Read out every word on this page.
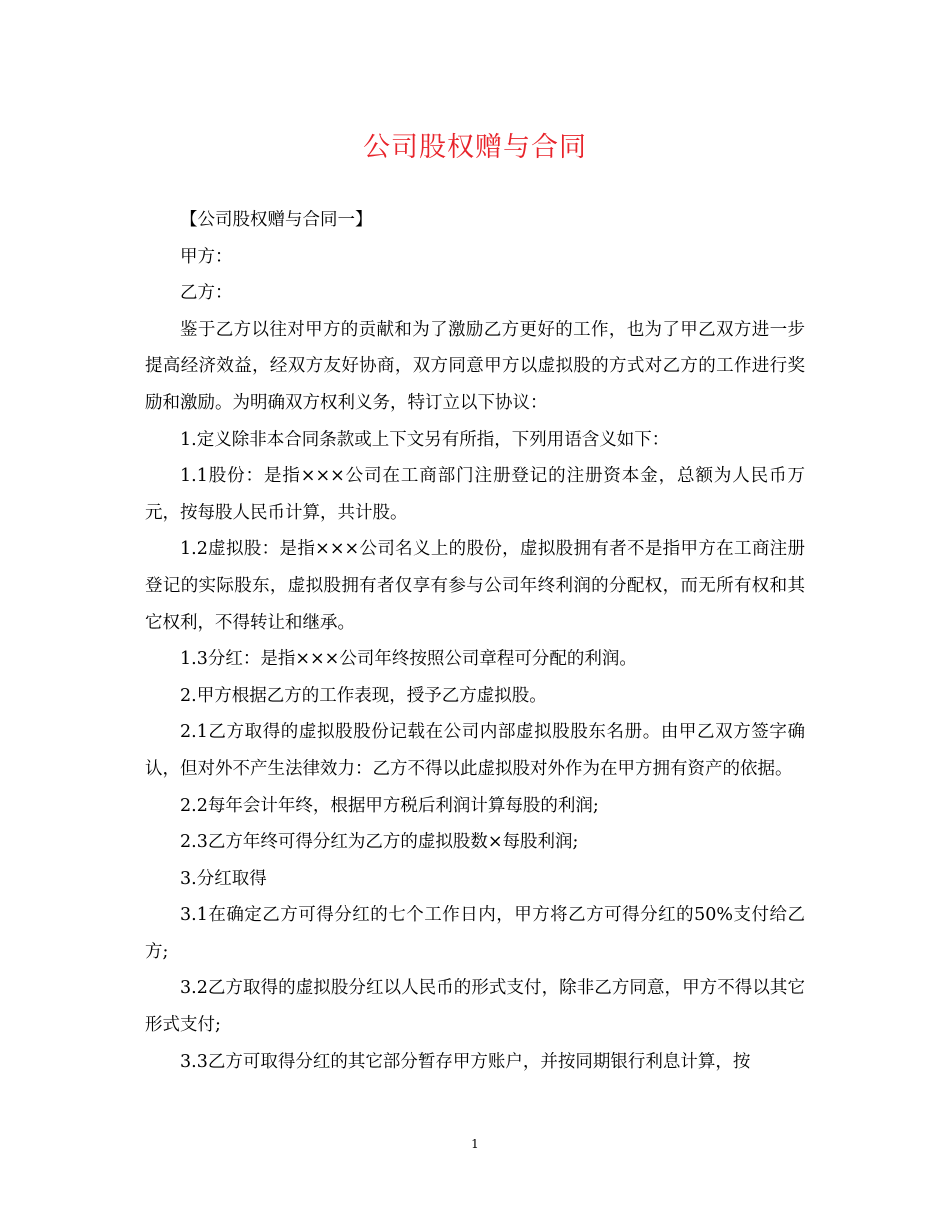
公司股权赠与合同

【公司股权赠与合同一】

甲方：

乙方：

鉴于乙方以往对甲方的贡献和为了激励乙方更好的工作，也为了甲乙双方进一步提高经济效益，经双方友好协商，双方同意甲方以虚拟股的方式对乙方的工作进行奖励和激励。为明确双方权利义务，特订立以下协议：

1.定义除非本合同条款或上下文另有所指，下列用语含义如下：

1.1股份：是指×××公司在工商部门注册登记的注册资本金，总额为人民币万元，按每股人民币计算，共计股。

1.2虚拟股：是指×××公司名义上的股份，虚拟股拥有者不是指甲方在工商注册登记的实际股东，虚拟股拥有者仅享有参与公司年终利润的分配权，而无所有权和其它权利，不得转让和继承。

1.3分红：是指×××公司年终按照公司章程可分配的利润。

2.甲方根据乙方的工作表现，授予乙方虚拟股。

2.1乙方取得的虚拟股股份记载在公司内部虚拟股股东名册。由甲乙双方签字确认，但对外不产生法律效力：乙方不得以此虚拟股对外作为在甲方拥有资产的依据。

2.2每年会计年终，根据甲方税后利润计算每股的利润;

2.3乙方年终可得分红为乙方的虚拟股数×每股利润;

3.分红取得

3.1在确定乙方可得分红的七个工作日内，甲方将乙方可得分红的50%支付给乙方;

3.2乙方取得的虚拟股分红以人民币的形式支付，除非乙方同意，甲方不得以其它形式支付;

3.3乙方可取得分红的其它部分暂存甲方账户，并按同期银行利息计算，按

1
